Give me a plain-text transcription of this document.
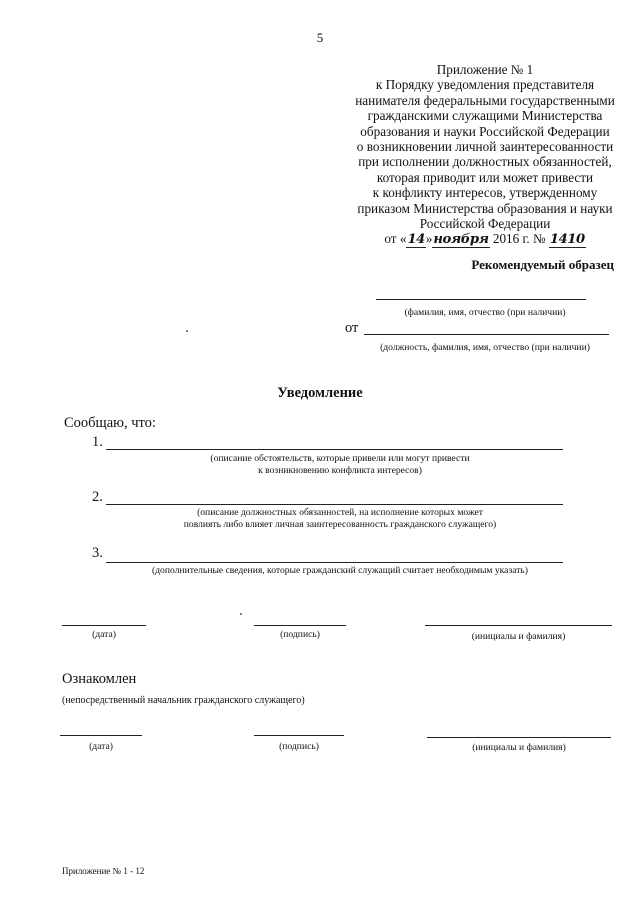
5
Приложение № 1
к Порядку уведомления представителя
нанимателя федеральными государственными
гражданскими служащими Министерства
образования и науки Российской Федерации
о возникновении личной заинтересованности
при исполнении должностных обязанностей,
которая приводит или может привести
к конфликту интересов, утвержденному
приказом Министерства образования и науки
Российской Федерации
от «14»ноября 2016 г. № 1410
Рекомендуемый образец
(фамилия, имя, отчество (при наличии)
от
(должность, фамилия, имя, отчество (при наличии)
Уведомление
Сообщаю, что:
1.
(описание обстоятельств, которые привели или могут привести
к возникновению конфликта интересов)
2.
(описание должностных обязанностей, на исполнение которых может
повлиять либо влияет личная заинтересованность гражданского служащего)
3.
(дополнительные сведения, которые гражданский служащий считает необходимым указать)
(дата)	(подпись)	(инициалы и фамилия)
Ознакомлен
(непосредственный начальник гражданского служащего)
(дата)	(подпись)	(инициалы и фамилия)
Приложение № 1 - 12
